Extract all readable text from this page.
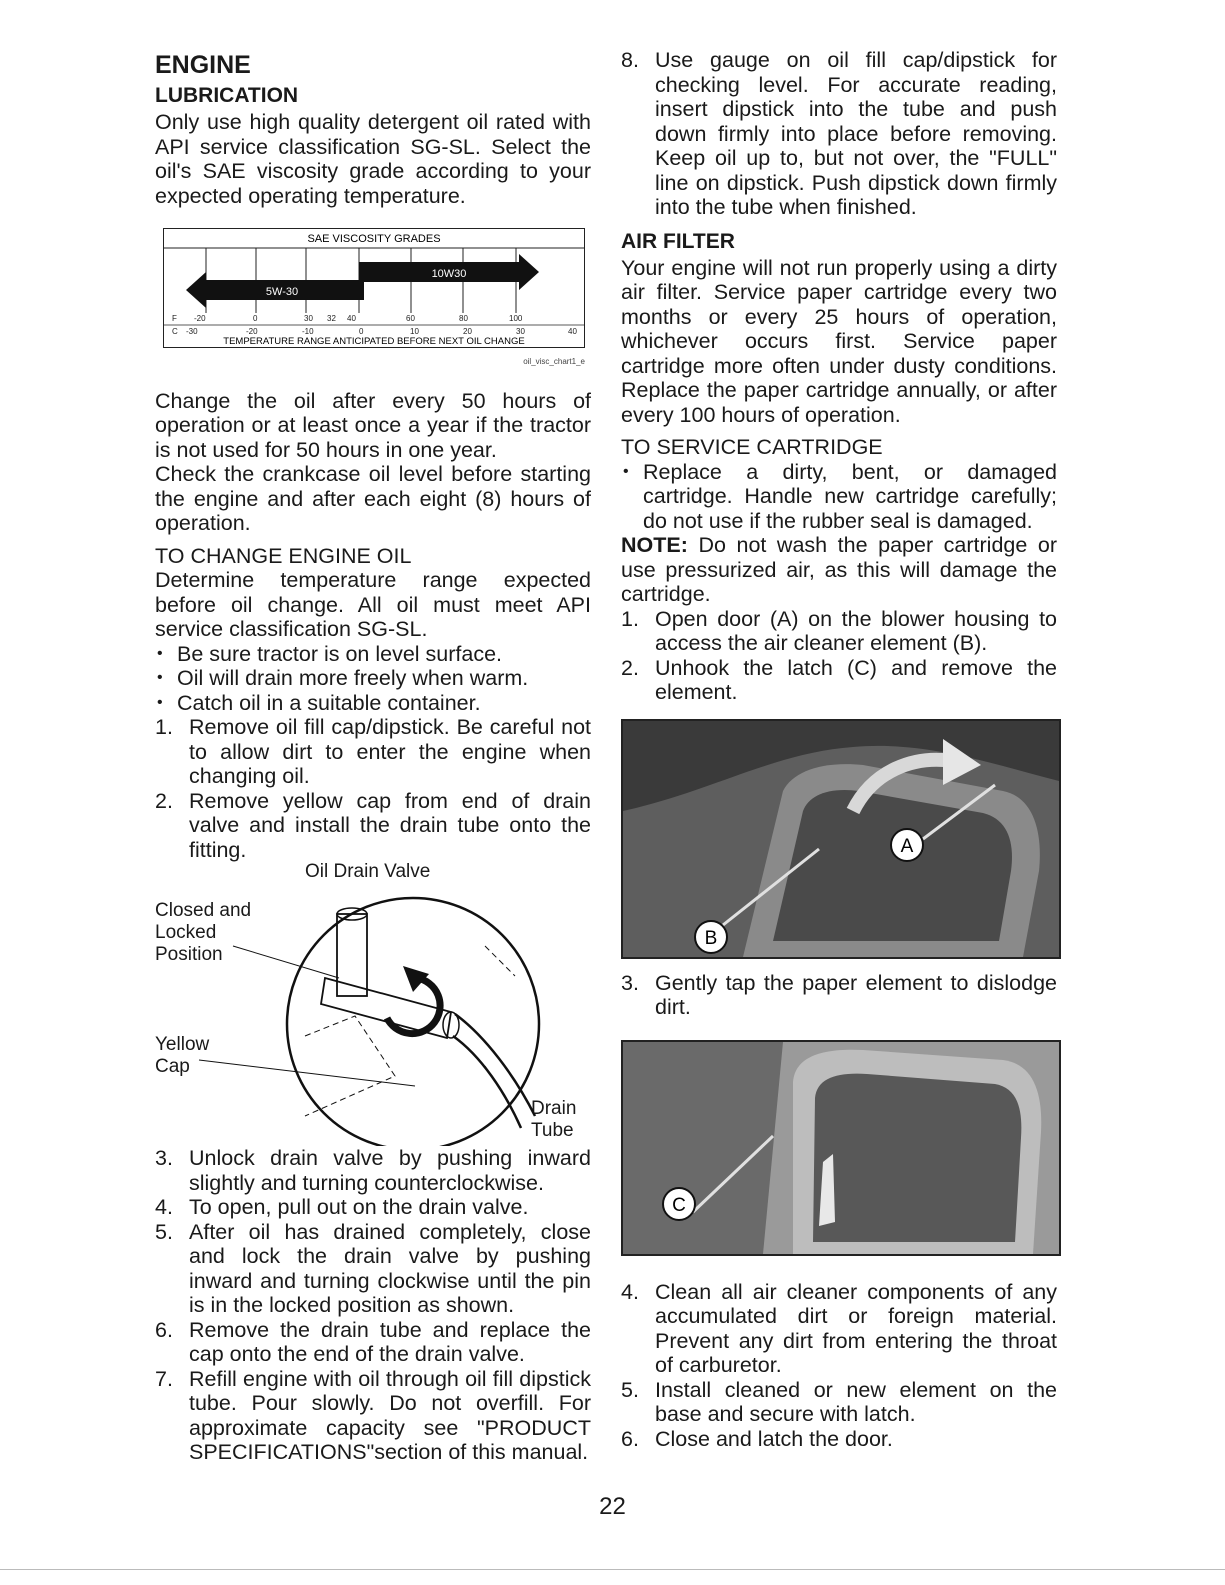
ENGINE
LUBRICATION

Only use high quality detergent oil rated with API service classification SG-SL. Select the oil's SAE viscosity grade according to your expected operating temperature.

SAE VISCOSITY GRADES
10W30
5W-30
F -20	0	30 32 40	60	80	100
C -30	-20	-10	0	10	20	30	40
TEMPERATURE RANGE ANTICIPATED BEFORE NEXT OIL CHANGE
oil_visc_chart1_e

Change the oil after every 50 hours of operation or at least once a year if the tractor is not used for 50 hours in one year.

Check the crankcase oil level before starting the engine and after each eight (8) hours of operation.

TO CHANGE ENGINE OIL

Determine temperature range expected before oil change. All oil must meet API service classification SG-SL.

• Be sure tractor is on level surface.
• Oil will drain more freely when warm.
• Catch oil in a suitable container.
1. Remove oil fill cap/dipstick. Be careful not to allow dirt to enter the engine when changing oil.
2. Remove yellow cap from end of drain valve and install the drain tube onto the fitting.
Oil Drain Valve
Closed and Locked Position
Yellow Cap
Drain Tube
3. Unlock drain valve by pushing inward slightly and turning counterclockwise.
4. To open, pull out on the drain valve.
5. After oil has drained completely, close and lock the drain valve by pushing inward and turning clockwise until the pin is in the locked position as shown.
6. Remove the drain tube and replace the cap onto the end of the drain valve.
7. Refill engine with oil through oil fill dipstick tube. Pour slowly. Do not overfill. For approximate capacity see "PRODUCT SPECIFICATIONS"section of this manual.
8. Use gauge on oil fill cap/dipstick for checking level. For accurate reading, insert dipstick into the tube and push down firmly into place before removing. Keep oil up to, but not over, the "FULL" line on dipstick. Push dipstick down firmly into the tube when finished.
AIR FILTER

Your engine will not run properly using a dirty air filter. Service paper cartridge every two months or every 25 hours of operation, whichever occurs first. Service paper cartridge more often under dusty conditions. Replace the paper cartridge annually, or after every 100 hours of operation.

TO SERVICE CARTRIDGE

• Replace a dirty, bent, or damaged cartridge. Handle new cartridge carefully; do not use if the rubber seal is damaged.

NOTE: Do not wash the paper cartridge or use pressurized air, as this will damage the cartridge.

1. Open door (A) on the blower housing to access the air cleaner element (B).
2. Unhook the latch (C) and remove the element.
A
B
3. Gently tap the paper element to dislodge dirt.
C
4. Clean all air cleaner components of any accumulated dirt or foreign material. Prevent any dirt from entering the throat of carburetor.
5. Install cleaned or new element on the base and secure with latch.
6. Close and latch the door.
22
